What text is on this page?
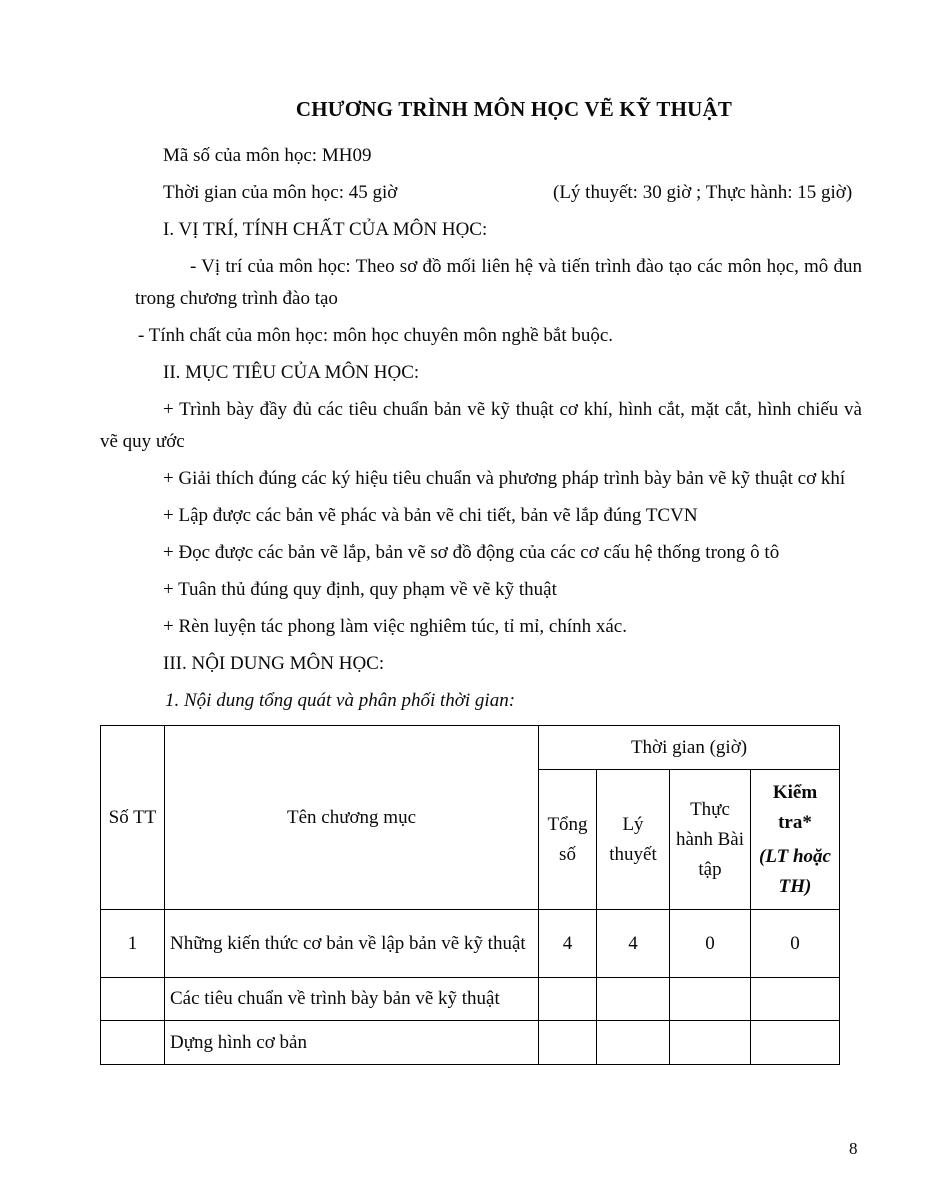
CHƯƠNG TRÌNH MÔN HỌC VẼ KỸ THUẬT

Mã số của môn học: MH09

Thời gian của môn học: 45 giờ	(Lý thuyết: 30 giờ ; Thực hành: 15 giờ)

I. VỊ TRÍ, TÍNH CHẤT CỦA MÔN HỌC:

- Vị trí của môn học: Theo sơ đồ mối liên hệ và tiến trình đào tạo các môn học, mô đun trong chương trình đào tạo

- Tính chất của môn học: môn học chuyên môn nghề bắt buộc.

II. MỤC TIÊU CỦA MÔN HỌC:

+ Trình bày đầy đủ các tiêu chuẩn bản vẽ kỹ thuật cơ khí, hình cắt, mặt cắt, hình chiếu và vẽ quy ước

+ Giải thích đúng các ký hiệu tiêu chuẩn và phương pháp trình bày bản vẽ kỹ thuật cơ khí

+ Lập được các bản vẽ phác và bản vẽ chi tiết, bản vẽ lắp đúng TCVN

+ Đọc được các bản vẽ lắp, bản vẽ sơ đồ động của các cơ cấu hệ thống trong ô tô

+ Tuân thủ đúng quy định, quy phạm về vẽ kỹ thuật

+ Rèn luyện tác phong làm việc nghiêm túc, tỉ mỉ, chính xác.

III. NỘI DUNG MÔN HỌC:

1. Nội dung tổng quát và phân phối thời gian:

Số TT	Tên chương mục	Thời gian (giờ)			
		Tổng số	Lý thuyết	Thực hành Bài tập	Kiểm tra*
(LT hoặc TH)

1	Những kiến thức cơ bản về lập bản vẽ kỹ thuật	4	4	0	0
	Các tiêu chuẩn về trình bày bản vẽ kỹ thuật				
	Dựng hình cơ bản				
8
